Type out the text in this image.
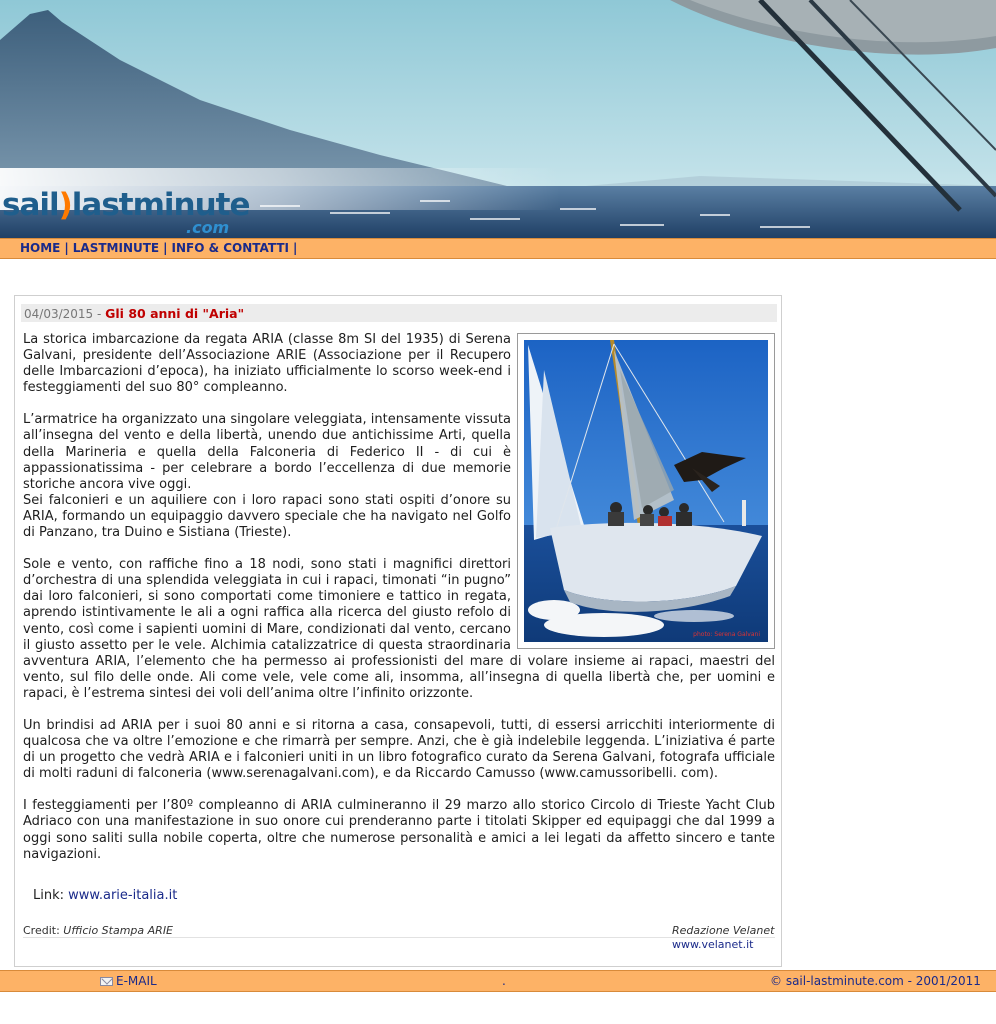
sail)lastminute
.com
HOME | LASTMINUTE | INFO & CONTATTI |
04/03/2015 - Gli 80 anni di "Aria"
photo: Serena Galvani

La storica imbarcazione da regata ARIA (classe 8m SI del 1935) di Serena Galvani, presidente dell’Associazione ARIE (Associazione per il Recupero delle Imbarcazioni d’epoca), ha iniziato ufficialmente lo scorso week-end i festeggiamenti del suo 80° compleanno.

L’armatrice ha organizzato una singolare veleggiata, intensamente vissuta all’insegna del vento e della libertà, unendo due antichissime Arti, quella della Marineria e quella della Falconeria di Federico II - di cui è appassionatissima - per celebrare a bordo l’eccellenza di due memorie storiche ancora vive oggi.

Sei falconieri e un aquiliere con i loro rapaci sono stati ospiti d’onore su ARIA, formando un equipaggio davvero speciale che ha navigato nel Golfo di Panzano, tra Duino e Sistiana (Trieste).

Sole e vento, con raffiche fino a 18 nodi, sono stati i magnifici direttori d’orchestra di una splendida veleggiata in cui i rapaci, timonati “in pugno” dai loro falconieri, si sono comportati come timoniere e tattico in regata, aprendo istintivamente le ali a ogni raffica alla ricerca del giusto refolo di vento, così come i sapienti uomini di Mare, condizionati dal vento, cercano il giusto assetto per le vele. Alchimia catalizzatrice di questa straordinaria avventura ARIA, l’elemento che ha permesso ai professionisti del mare di volare insieme ai rapaci, maestri del vento, sul filo delle onde. Ali come vele, vele come ali, insomma, all’insegna di quella libertà che, per uomini e rapaci, è l’estrema sintesi dei voli dell’anima oltre l’infinito orizzonte.

Un brindisi ad ARIA per i suoi 80 anni e si ritorna a casa, consapevoli, tutti, di essersi arricchiti interiormente di qualcosa che va oltre l’emozione e che rimarrà per sempre. Anzi, che è già indelebile leggenda. L’iniziativa é parte di un progetto che vedrà ARIA e i falconieri uniti in un libro fotografico curato da Serena Galvani, fotografa ufficiale di molti raduni di falconeria (www.serenagalvani.com), e da Riccardo Camusso (www.camussoribelli. com).

I festeggiamenti per l’80º compleanno di ARIA culmineranno il 29 marzo allo storico Circolo di Trieste Yacht Club Adriaco con una manifestazione in suo onore cui prenderanno parte i titolati Skipper ed equipaggi che dal 1999 a oggi sono saliti sulla nobile coperta, oltre che numerose personalità e amici a lei legati da affetto sincero e tante navigazioni.

Link: www.arie-italia.it
Credit: Ufficio Stampa ARIE	Redazione Velanet
www.velanet.it
E-MAIL	.	© sail-lastminute.com - 2001/2011
